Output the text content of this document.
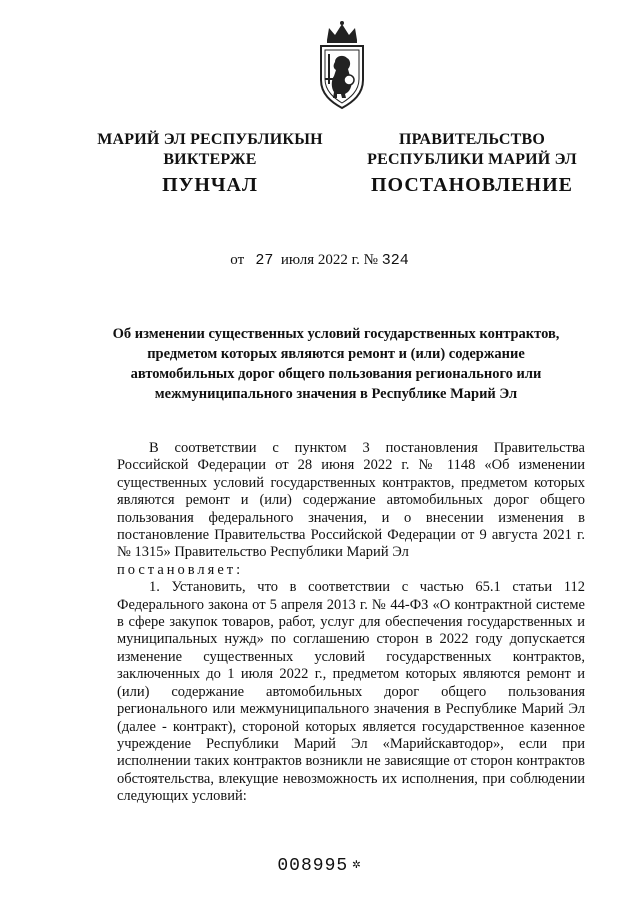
МАРИЙ ЭЛ РЕСПУБЛИКЫН
ВИКТЕРЖЕ
ПРАВИТЕЛЬСТВО
РЕСПУБЛИКИ МАРИЙ ЭЛ
ПУНЧАЛ	ПОСТАНОВЛЕНИЕ
от 27 июля 2022 г. № 324
Об изменении существенных условий государственных контрактов,
предметом которых являются ремонт и (или) содержание
автомобильных дорог общего пользования регионального или
межмуниципального значения в Республике Марий Эл

В соответствии с пунктом 3 постановления Правительства Российской Федерации от 28 июня 2022 г. № 1148 «Об изменении существенных условий государственных контрактов, предметом которых являются ремонт и (или) содержание автомобильных дорог общего пользования федерального значения, и о внесении изменения в постановление Правительства Российской Федерации от 9 августа 2021 г. № 1315» Правительство Республики Марий Эл

постановляет:

1. Установить, что в соответствии с частью 65.1 статьи 112 Федерального закона от 5 апреля 2013 г. № 44-ФЗ «О контрактной системе в сфере закупок товаров, работ, услуг для обеспечения государственных и муниципальных нужд» по соглашению сторон в 2022 году допускается изменение существенных условий государственных контрактов, заключенных до 1 июля 2022 г., предметом которых являются ремонт и (или) содержание автомобильных дорог общего пользования регионального или межмуниципального значения в Республике Марий Эл (далее - контракт), стороной которых является государственное казенное учреждение Республики Марий Эл «Марийскавтодор», если при исполнении таких контрактов возникли не зависящие от сторон контрактов обстоятельства, влекущие невозможность их исполнения, при соблюдении следующих условий:

008995 ✲
